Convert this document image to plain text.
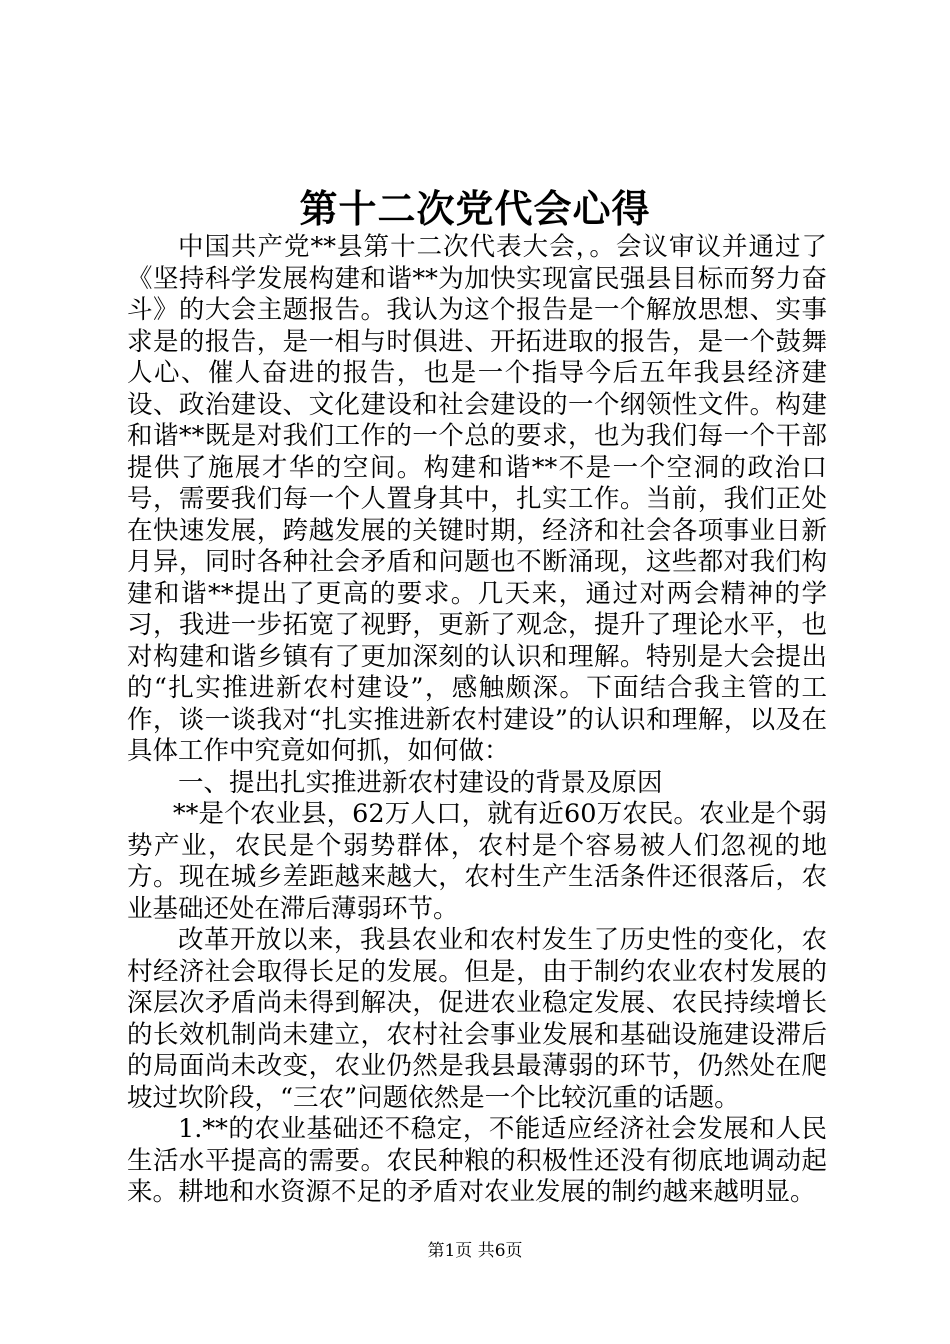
第十二次党代会心得

中国共产党**县第十二次代表大会，。会议审议并通过了《坚持科学发展构建和谐**为加快实现富民强县目标而努力奋斗》的大会主题报告。我认为这个报告是一个解放思想、实事求是的报告，是一相与时俱进、开拓进取的报告，是一个鼓舞人心、催人奋进的报告，也是一个指导今后五年我县经济建设、政治建设、文化建设和社会建设的一个纲领性文件。构建和谐**既是对我们工作的一个总的要求，也为我们每一个干部提供了施展才华的空间。构建和谐**不是一个空洞的政治口号，需要我们每一个人置身其中，扎实工作。当前，我们正处在快速发展，跨越发展的关键时期，经济和社会各项事业日新月异，同时各种社会矛盾和问题也不断涌现，这些都对我们构建和谐**提出了更高的要求。几天来，通过对两会精神的学习，我进一步拓宽了视野，更新了观念，提升了理论水平，也对构建和谐乡镇有了更加深刻的认识和理解。特别是大会提出的“扎实推进新农村建设”，感触颇深。下面结合我主管的工作，谈一谈我对“扎实推进新农村建设”的认识和理解，以及在具体工作中究竟如何抓，如何做：

一、提出扎实推进新农村建设的背景及原因

**是个农业县，62万人口，就有近60万农民。农业是个弱势产业，农民是个弱势群体，农村是个容易被人们忽视的地方。现在城乡差距越来越大，农村生产生活条件还很落后，农业基础还处在滞后薄弱环节。

改革开放以来，我县农业和农村发生了历史性的变化，农村经济社会取得长足的发展。但是，由于制约农业农村发展的深层次矛盾尚未得到解决，促进农业稳定发展、农民持续增长的长效机制尚未建立，农村社会事业发展和基础设施建设滞后的局面尚未改变，农业仍然是我县最薄弱的环节，仍然处在爬坡过坎阶段，“三农”问题依然是一个比较沉重的话题。

1.**的农业基础还不稳定，不能适应经济社会发展和人民生活水平提高的需要。农民种粮的积极性还没有彻底地调动起来。耕地和水资源不足的矛盾对农业发展的制约越来越明显。

第1页 共6页
